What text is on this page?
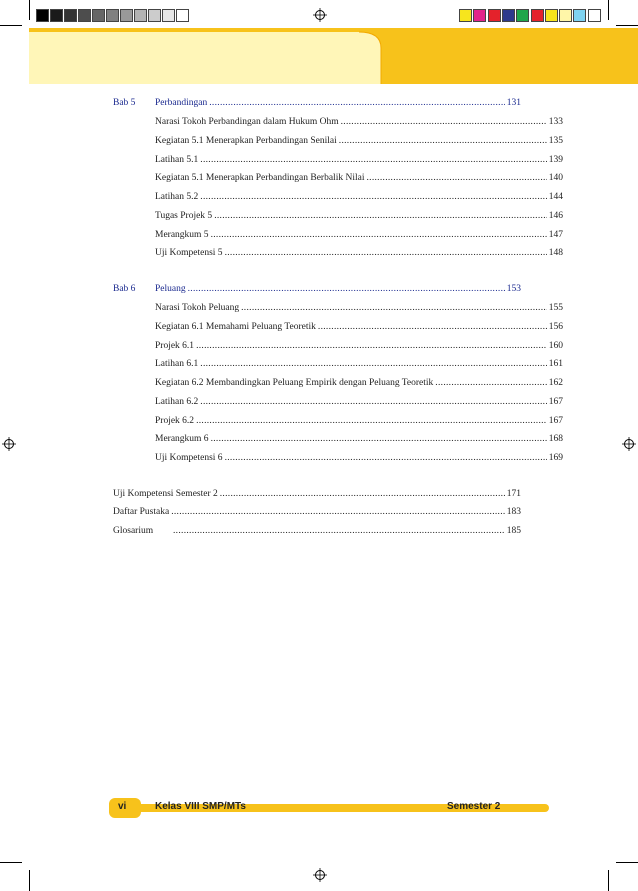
Bab 5	Perbandingan .....	131
Narasi Tokoh Perbandingan dalam Hukum Ohm .....	133
Kegiatan 5.1 Menerapkan Perbandingan Senilai .....	135
Latihan 5.1 .....	139
Kegiatan 5.1 Menerapkan Perbandingan Berbalik Nilai .....	140
Latihan 5.2 .....	144
Tugas Projek 5 .....	146
Merangkum 5 .....	147
Uji Kompetensi 5 .....	148
Bab 6	Peluang .....	153
Narasi Tokoh Peluang .....	155
Kegiatan 6.1 Memahami Peluang Teoretik .....	156
Projek 6.1 .....	160
Latihan 6.1 .....	161
Kegiatan 6.2 Membandingkan Peluang Empirik dengan Peluang Teoretik .....	162
Latihan 6.2 .....	167
Projek 6.2 .....	167
Merangkum 6 .....	168
Uji Kompetensi 6 .....	169
Uji Kompetensi Semester 2 .....	171
Daftar Pustaka .....	183
Glosarium .....	185
vi	Kelas VIII SMP/MTs	Semester 2
